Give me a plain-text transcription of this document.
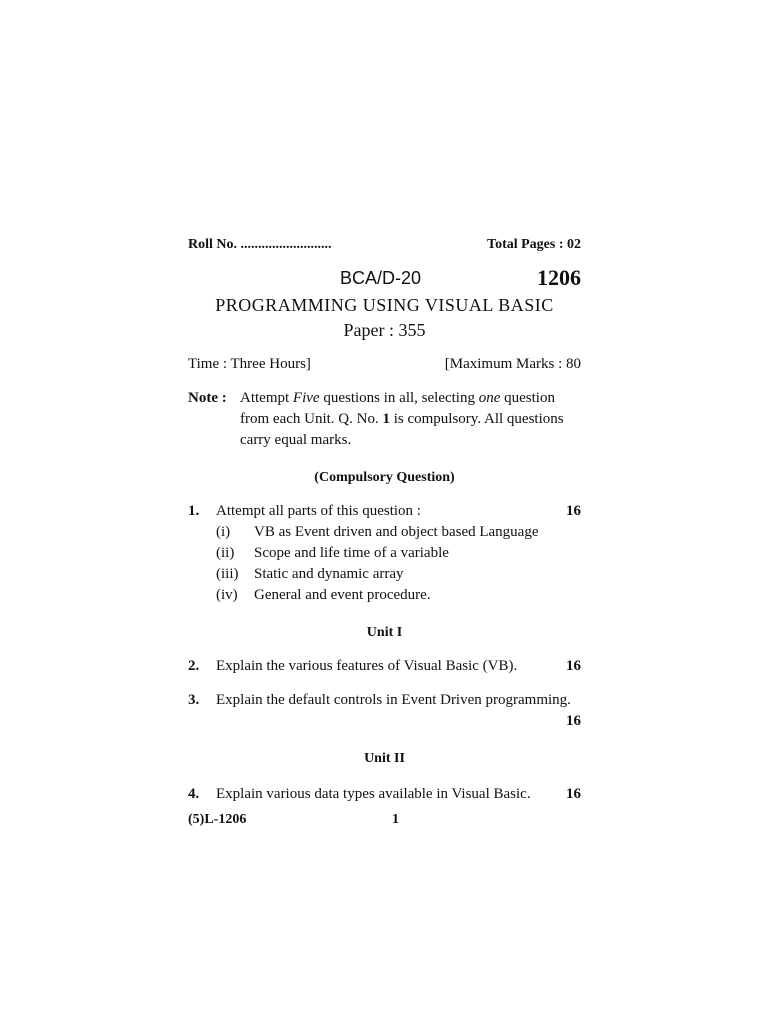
Roll No. ..........................	Total Pages : 02
BCA/D-20	1206
PROGRAMMING USING VISUAL BASIC
Paper : 355
Time : Three Hours]	[Maximum Marks : 80
Note : Attempt Five questions in all, selecting one question
from each Unit. Q. No. 1 is compulsory. All questions
carry equal marks.
(Compulsory Question)
1. Attempt all parts of this question :	16
(i) VB as Event driven and object based Language
(ii) Scope and life time of a variable
(iii) Static and dynamic array
(iv) General and event procedure.
Unit I
2. Explain the various features of Visual Basic (VB).	16
3. Explain the default controls in Event Driven programming.
16
Unit II
4. Explain various data types available in Visual Basic.	16
(5)L-1206	1
